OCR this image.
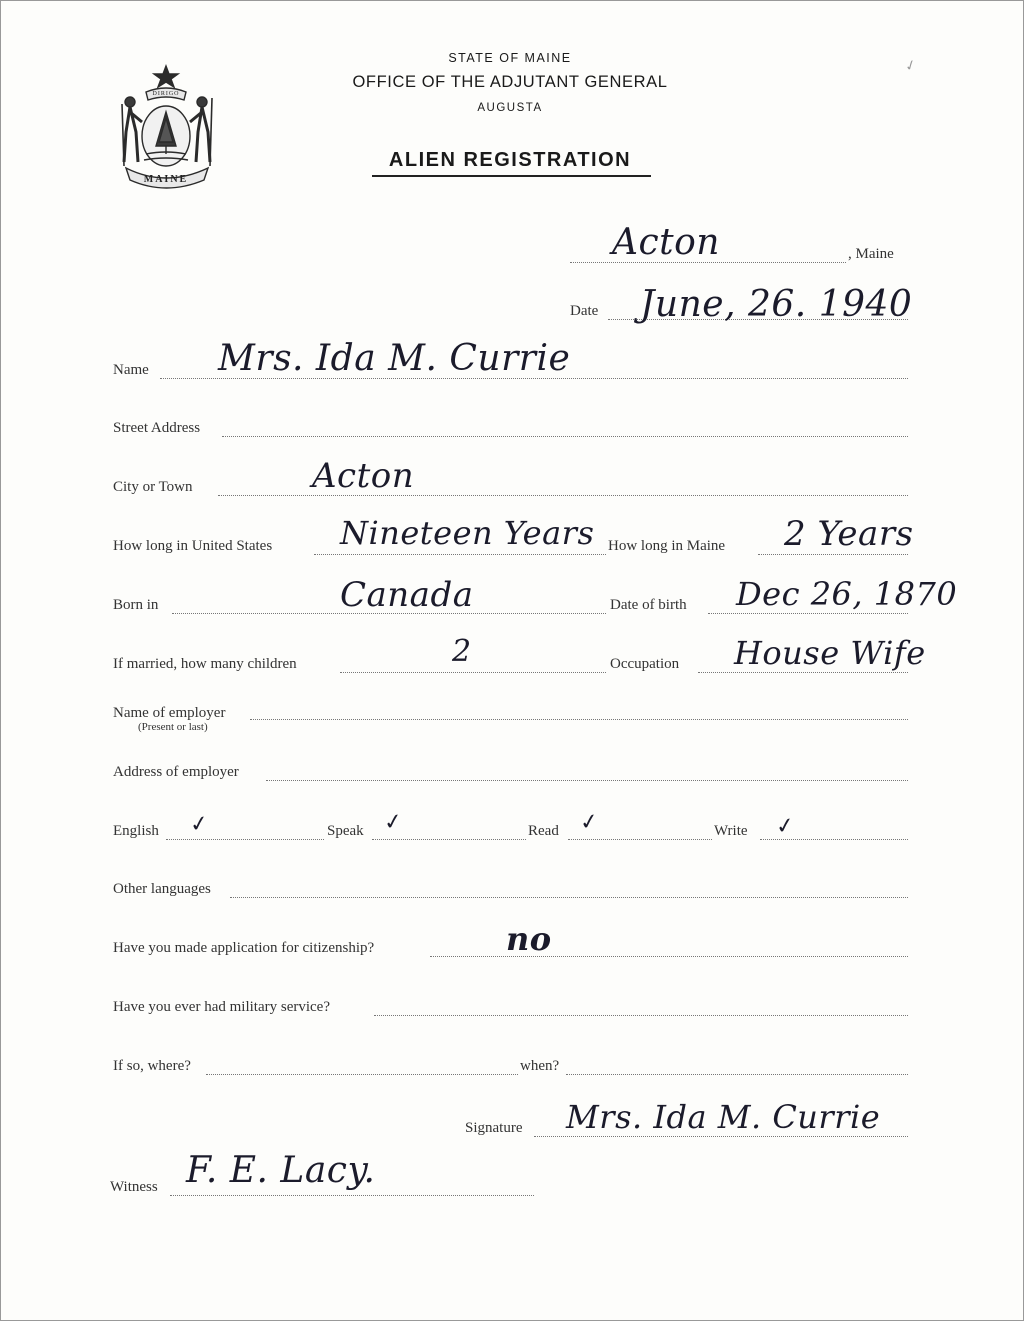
MAINE
DIRIGO
✓
STATE OF MAINE
OFFICE OF THE ADJUTANT GENERAL
AUGUSTA
ALIEN REGISTRATION
Acton	, Maine
Date June, 26. 1940
Name Mrs. Ida M. Currie
Street Address
City or Town	Acton
How long in United States Nineteen Years How long in Maine 2 Years
Born in	Canada	Date of birth Dec 26, 1870
If married, how many children	2	Occupation House Wife
Name of employer
(Present or last)
Address of employer
English ✓	Speak ✓	Read ✓	Write ✓
Other languages
Have you made application for citizenship?	no
Have you ever had military service?
If so, where?	when?
Signature Mrs. Ida M. Currie
Witness F. E. Lacy.
